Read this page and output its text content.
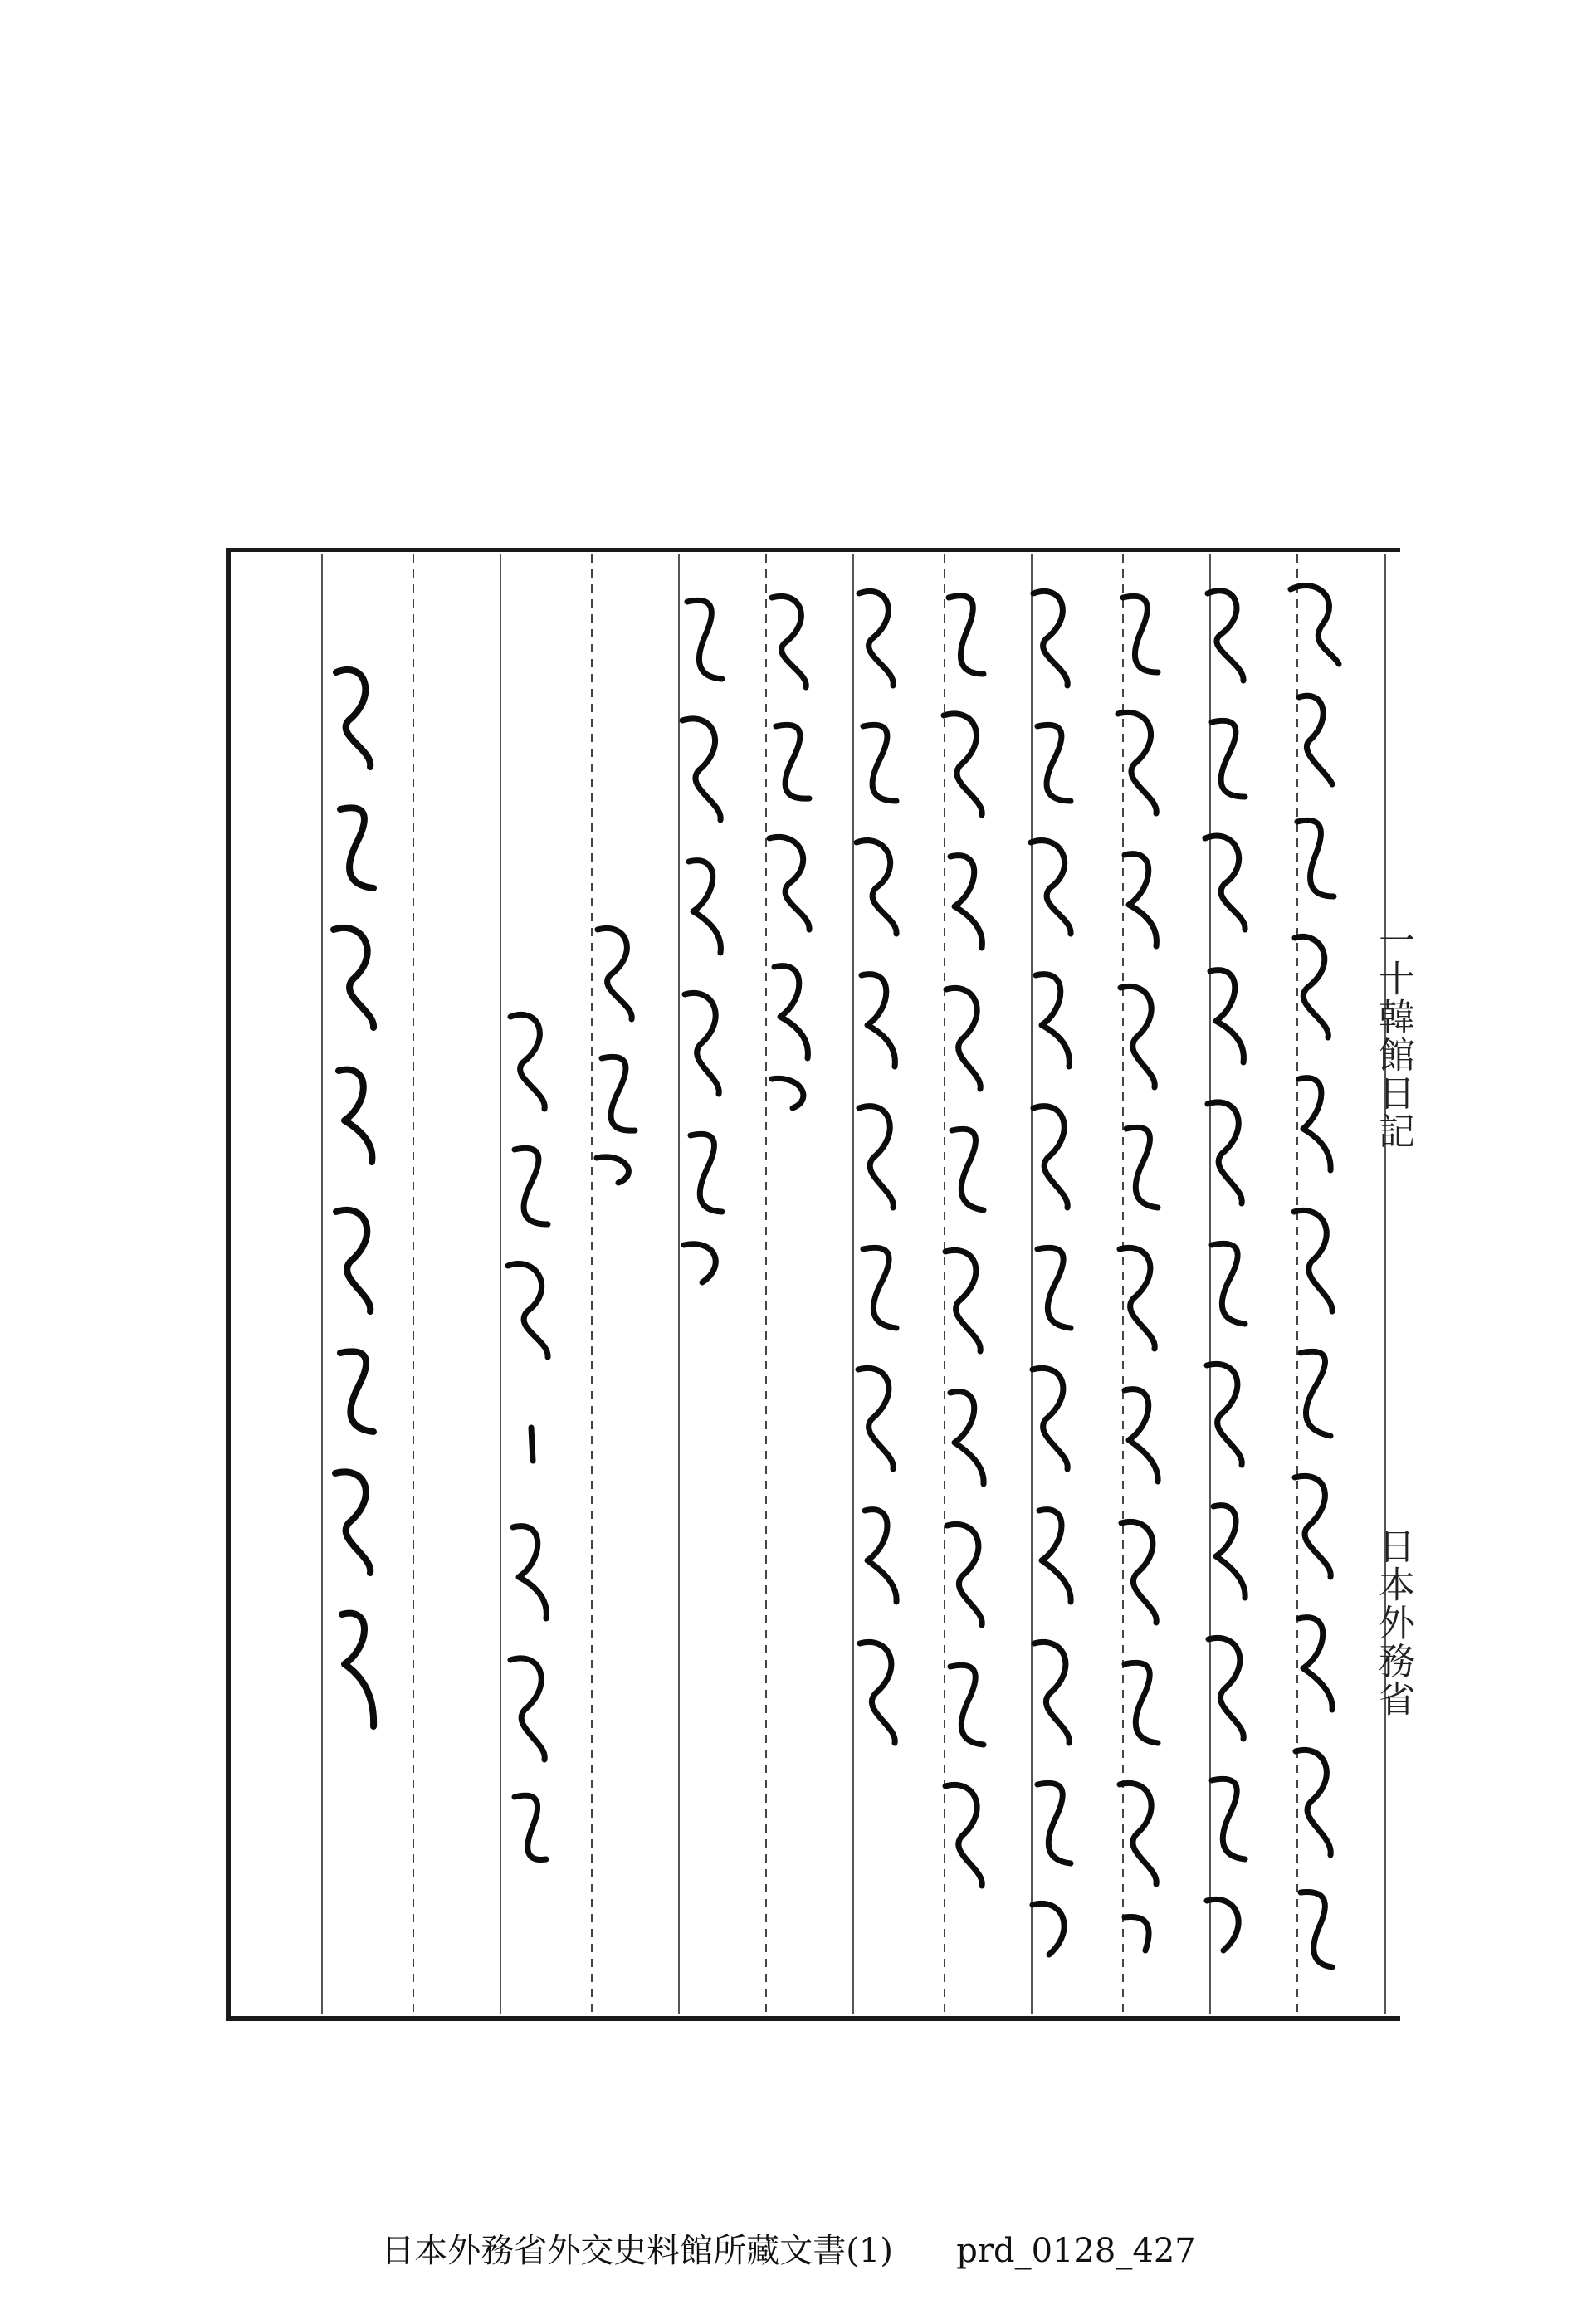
一十韓館日記
日本外務省
日本外務省外交史料館所藏文書(1) prd_0128_427
